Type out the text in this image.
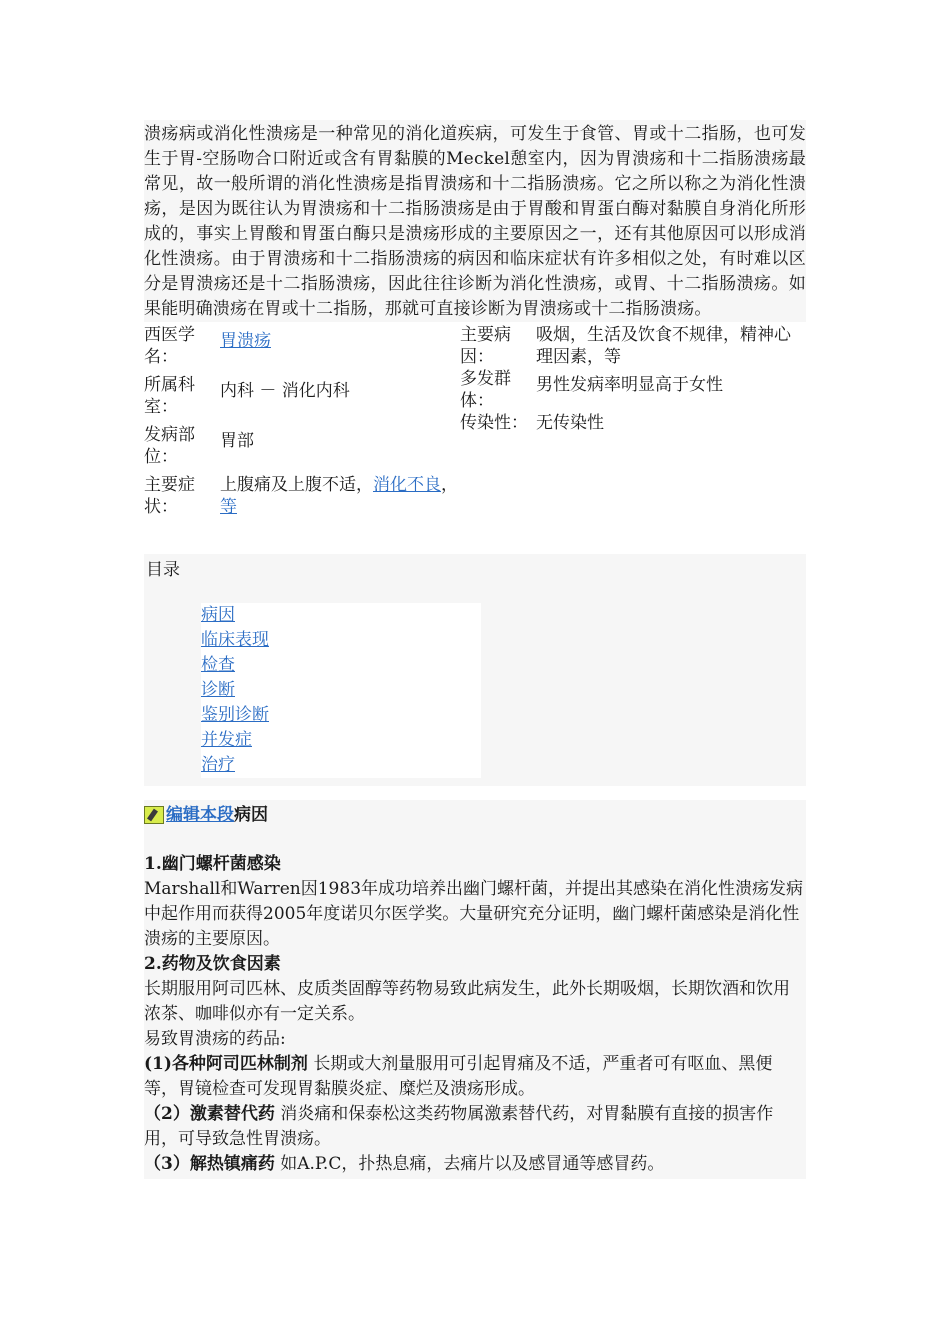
溃疡病或消化性溃疡是一种常见的消化道疾病，可发生于食管、胃或十二指肠，也可发生于胃-空肠吻合口附近或含有胃黏膜的Meckel憩室内，因为胃溃疡和十二指肠溃疡最常见，故一般所谓的消化性溃疡是指胃溃疡和十二指肠溃疡。它之所以称之为消化性溃疡，是因为既往认为胃溃疡和十二指肠溃疡是由于胃酸和胃蛋白酶对黏膜自身消化所形成的，事实上胃酸和胃蛋白酶只是溃疡形成的主要原因之一，还有其他原因可以形成消化性溃疡。由于胃溃疡和十二指肠溃疡的病因和临床症状有许多相似之处，有时难以区分是胃溃疡还是十二指肠溃疡，因此往往诊断为消化性溃疡，或胃、十二指肠溃疡。如果能明确溃疡在胃或十二指肠，那就可直接诊断为胃溃疡或十二指肠溃疡。
西医学名：
胃溃疡
所属科室：
内科 － 消化内科
发病部位：
胃部
主要症状：
上腹痛及上腹不适，消化不良，等
主要病因：
吸烟，生活及饮食不规律，精神心理因素，等
多发群体：
男性发病率明显高于女性
传染性： 无传染性
目录
病因
临床表现
检查
诊断
鉴别诊断
并发症
治疗
编辑本段 病因

1.幽门螺杆菌感染

Marshall和Warren因1983年成功培养出幽门螺杆菌，并提出其感染在消化性溃疡发病中起作用而获得2005年度诺贝尔医学奖。大量研究充分证明，幽门螺杆菌感染是消化性溃疡的主要原因。

2.药物及饮食因素

长期服用阿司匹林、皮质类固醇等药物易致此病发生，此外长期吸烟，长期饮酒和饮用浓茶、咖啡似亦有一定关系。

易致胃溃疡的药品:

(1)各种阿司匹林制剂 长期或大剂量服用可引起胃痛及不适，严重者可有呕血、黑便等，胃镜检查可发现胃黏膜炎症、糜烂及溃疡形成。

（2）激素替代药 消炎痛和保泰松这类药物属激素替代药，对胃黏膜有直接的损害作用，可导致急性胃溃疡。

（3）解热镇痛药 如A.P.C，扑热息痛，去痛片以及感冒通等感冒药。
